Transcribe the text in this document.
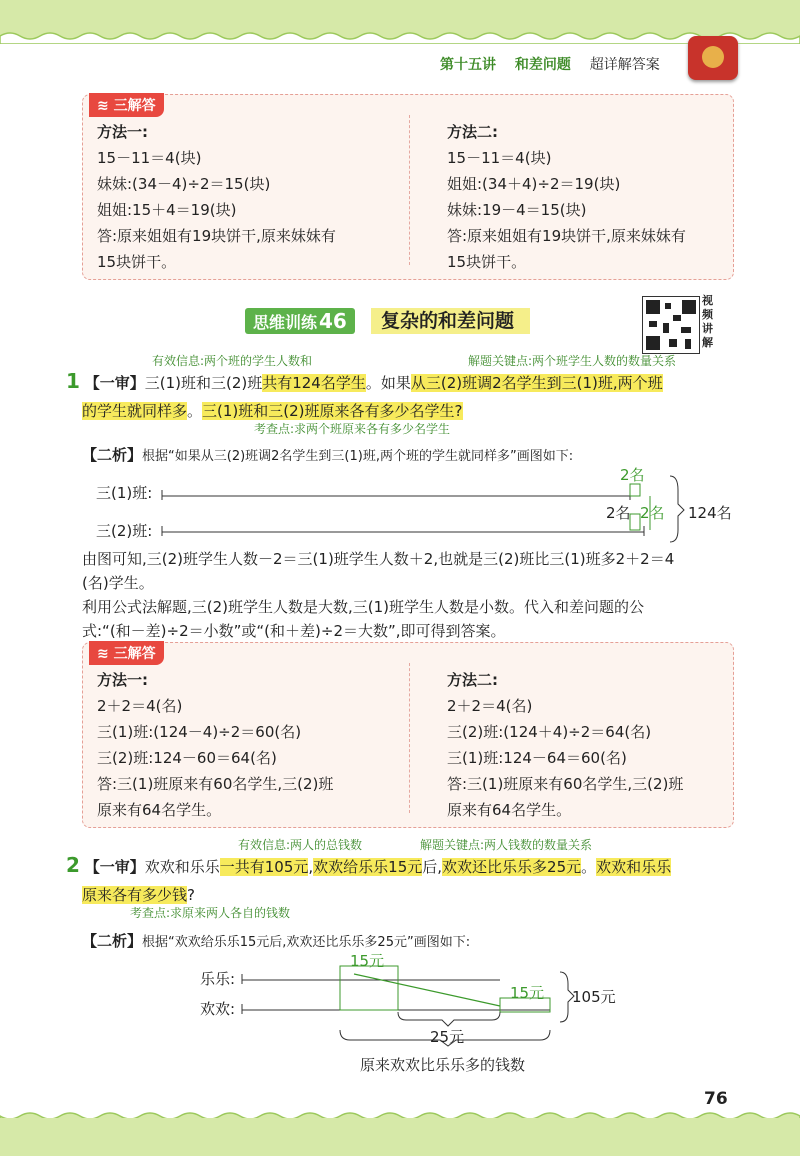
第十五讲 和差问题 超详解答案
≋ 三解答
方法一:
15－11＝4(块)
妹妹:(34－4)÷2＝15(块)
姐姐:15＋4＝19(块)
答:原来姐姐有19块饼干,原来妹妹有
15块饼干。
方法二:
15－11＝4(块)
姐姐:(34＋4)÷2＝19(块)
妹妹:19－4＝15(块)
答:原来姐姐有19块饼干,原来妹妹有
15块饼干。
思维训练 46	复杂的和差问题
视
频
讲
解
有效信息:两个班的学生人数和	解题关键点:两个班学生人数的数量关系
1 【一审】三(1)班和三(2)班共有124名学生。如果从三(2)班调2名学生到三(1)班,两个班
的学生就同样多。三(1)班和三(2)班原来各有多少名学生?
考查点:求两个班原来各有多少名学生
【二析】根据“如果从三(2)班调2名学生到三(1)班,两个班的学生就同样多”画图如下:
三(1)班:
三(2)班:
2名
2名 2名 124名
由图可知,三(2)班学生人数－2＝三(1)班学生人数＋2,也就是三(2)班比三(1)班多2＋2＝4
(名)学生。
利用公式法解题,三(2)班学生人数是大数,三(1)班学生人数是小数。代入和差问题的公
式:“(和－差)÷2＝小数”或“(和＋差)÷2＝大数”,即可得到答案。
≋ 三解答
方法一:
2＋2＝4(名)
三(1)班:(124－4)÷2＝60(名)
三(2)班:124－60＝64(名)
答:三(1)班原来有60名学生,三(2)班
原来有64名学生。
方法二:
2＋2＝4(名)
三(2)班:(124＋4)÷2＝64(名)
三(1)班:124－64＝60(名)
答:三(1)班原来有60名学生,三(2)班
原来有64名学生。
有效信息:两人的总钱数	解题关键点:两人钱数的数量关系
2 【一审】欢欢和乐乐一共有105元,欢欢给乐乐15元后,欢欢还比乐乐多25元。欢欢和乐乐
原来各有多少钱?
考查点:求原来两人各自的钱数
【二析】根据“欢欢给乐乐15元后,欢欢还比乐乐多25元”画图如下:
乐乐:
欢欢:
15元
15元 105元
25元
原来欢欢比乐乐多的钱数
76
